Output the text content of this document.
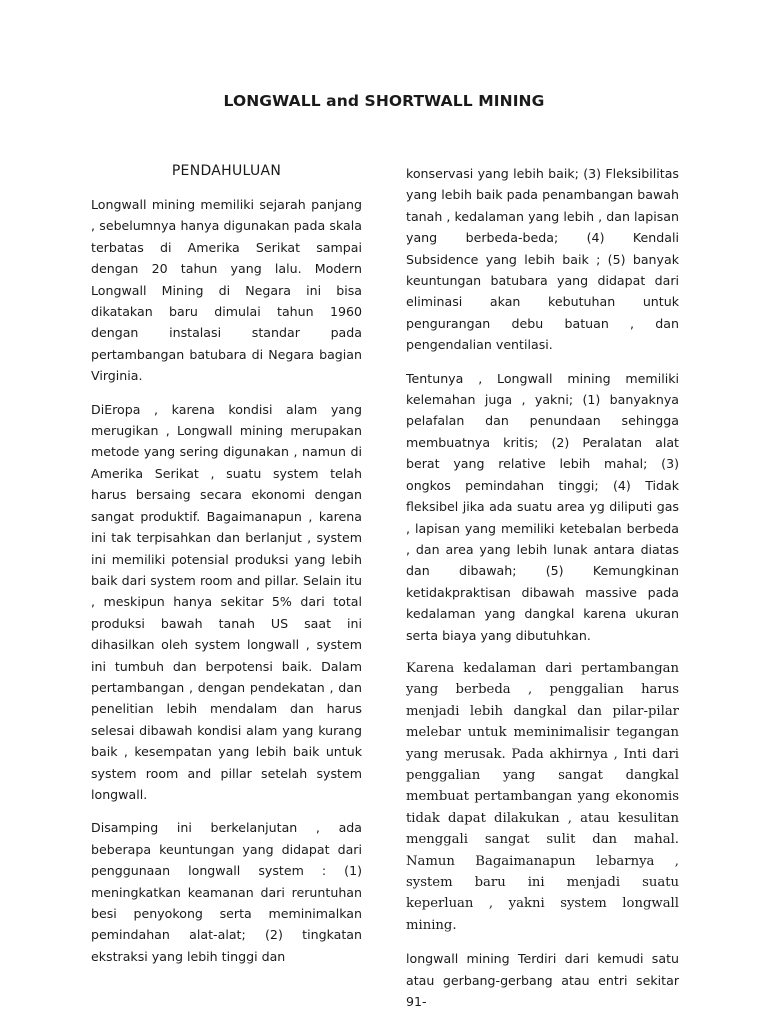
LONGWALL and SHORTWALL MINING
PENDAHULUAN

Longwall mining memiliki sejarah panjang , sebelumnya hanya digunakan pada skala terbatas di Amerika Serikat sampai dengan 20 tahun yang lalu. Modern Longwall Mining di Negara ini bisa dikatakan baru dimulai tahun 1960 dengan instalasi standar pada pertambangan batubara di Negara bagian Virginia.

DiEropa , karena kondisi alam yang merugikan , Longwall mining merupakan metode yang sering digunakan , namun di Amerika Serikat , suatu system telah harus bersaing secara ekonomi dengan sangat produktif. Bagaimanapun , karena ini tak terpisahkan dan berlanjut , system ini memiliki potensial produksi yang lebih baik dari system room and pillar. Selain itu , meskipun hanya sekitar 5% dari total produksi bawah tanah US saat ini dihasilkan oleh system longwall , system ini tumbuh dan berpotensi baik. Dalam pertambangan , dengan pendekatan , dan penelitian lebih mendalam dan harus selesai dibawah kondisi alam yang kurang baik , kesempatan yang lebih baik untuk system room and pillar setelah system longwall.

Disamping ini berkelanjutan , ada beberapa keuntungan yang didapat dari penggunaan longwall system : (1) meningkatkan keamanan dari reruntuhan besi penyokong serta meminimalkan pemindahan alat-alat; (2) tingkatan ekstraksi yang lebih tinggi dan

konservasi yang lebih baik; (3) Fleksibilitas yang lebih baik pada penambangan bawah tanah , kedalaman yang lebih , dan lapisan yang berbeda-beda; (4) Kendali Subsidence yang lebih baik ; (5) banyak keuntungan batubara yang didapat dari eliminasi akan kebutuhan untuk pengurangan debu batuan , dan pengendalian ventilasi.

Tentunya , Longwall mining memiliki kelemahan juga , yakni; (1) banyaknya pelafalan dan penundaan sehingga membuatnya kritis; (2) Peralatan alat berat yang relative lebih mahal; (3) ongkos pemindahan tinggi; (4) Tidak fleksibel jika ada suatu area yg diliputi gas , lapisan yang memiliki ketebalan berbeda , dan area yang lebih lunak antara diatas dan dibawah; (5) Kemungkinan ketidakpraktisan dibawah massive pada kedalaman yang dangkal karena ukuran serta biaya yang dibutuhkan.

Karena kedalaman dari pertambangan yang berbeda , penggalian harus menjadi lebih dangkal dan pilar-pilar melebar untuk meminimalisir tegangan yang merusak. Pada akhirnya , Inti dari penggalian yang sangat dangkal membuat pertambangan yang ekonomis tidak dapat dilakukan , atau kesulitan menggali sangat sulit dan mahal. Namun Bagaimanapun lebarnya , system baru ini menjadi suatu keperluan , yakni system longwall mining.

longwall mining Terdiri dari kemudi satu atau gerbang-gerbang atau entri sekitar 91-
